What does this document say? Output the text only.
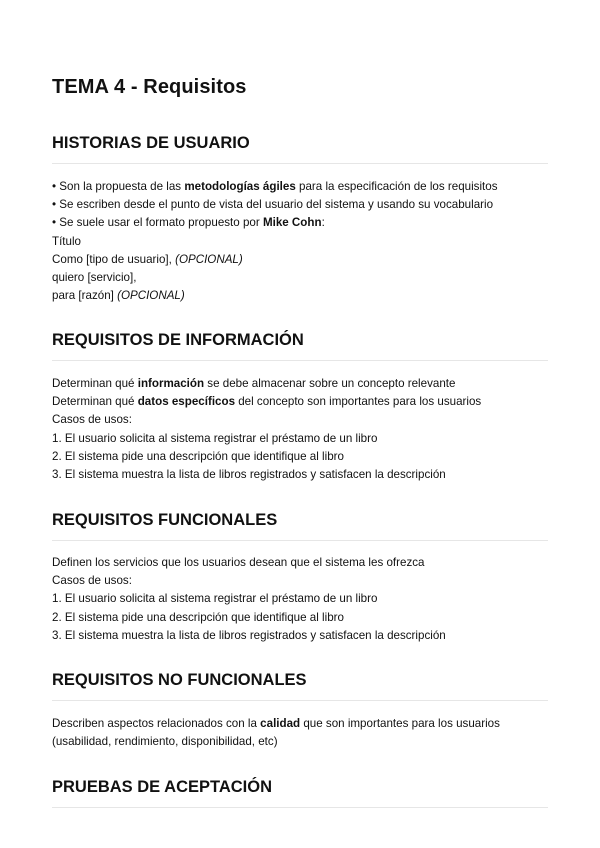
TEMA 4 - Requisitos
HISTORIAS DE USUARIO
• Son la propuesta de las metodologías ágiles para la especificación de los requisitos
• Se escriben desde el punto de vista del usuario del sistema y usando su vocabulario
• Se suele usar el formato propuesto por Mike Cohn:
Título
Como [tipo de usuario], (OPCIONAL)
quiero [servicio],
para [razón] (OPCIONAL)
REQUISITOS DE INFORMACIÓN
Determinan qué información se debe almacenar sobre un concepto relevante
Determinan qué datos específicos del concepto son importantes para los usuarios
Casos de usos:
1. El usuario solicita al sistema registrar el préstamo de un libro
2. El sistema pide una descripción que identifique al libro
3. El sistema muestra la lista de libros registrados y satisfacen la descripción
REQUISITOS FUNCIONALES
Definen los servicios que los usuarios desean que el sistema les ofrezca
Casos de usos:
1. El usuario solicita al sistema registrar el préstamo de un libro
2. El sistema pide una descripción que identifique al libro
3. El sistema muestra la lista de libros registrados y satisfacen la descripción
REQUISITOS NO FUNCIONALES
Describen aspectos relacionados con la calidad que son importantes para los usuarios
(usabilidad, rendimiento, disponibilidad, etc)
PRUEBAS DE ACEPTACIÓN
